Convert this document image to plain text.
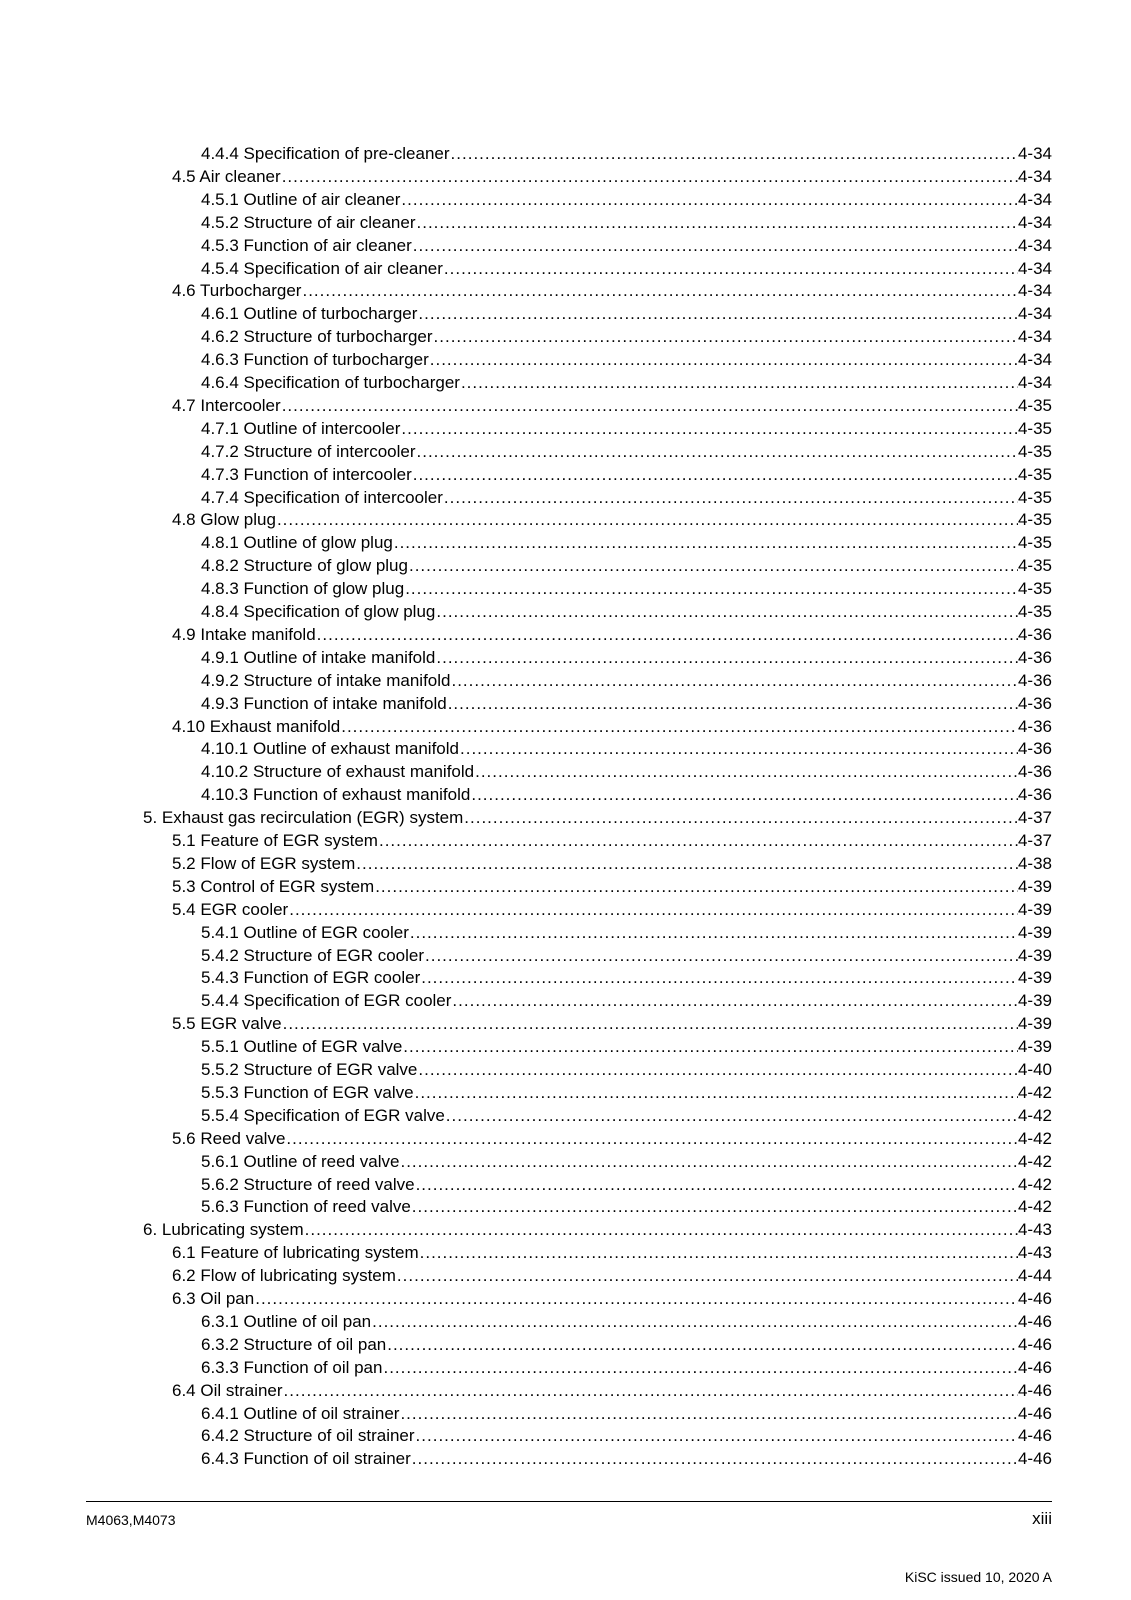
4.4.4 Specification of pre-cleaner .....	4-34
4.5 Air cleaner .....	4-34
4.5.1 Outline of air cleaner .....	4-34
4.5.2 Structure of air cleaner .....	4-34
4.5.3 Function of air cleaner .....	4-34
4.5.4 Specification of air cleaner .....	4-34
4.6 Turbocharger .....	4-34
4.6.1 Outline of turbocharger .....	4-34
4.6.2 Structure of turbocharger .....	4-34
4.6.3 Function of turbocharger .....	4-34
4.6.4 Specification of turbocharger .....	4-34
4.7 Intercooler .....	4-35
4.7.1 Outline of intercooler .....	4-35
4.7.2 Structure of intercooler .....	4-35
4.7.3 Function of intercooler .....	4-35
4.7.4 Specification of intercooler .....	4-35
4.8 Glow plug .....	4-35
4.8.1 Outline of glow plug .....	4-35
4.8.2 Structure of glow plug .....	4-35
4.8.3 Function of glow plug .....	4-35
4.8.4 Specification of glow plug .....	4-35
4.9 Intake manifold .....	4-36
4.9.1 Outline of intake manifold .....	4-36
4.9.2 Structure of intake manifold .....	4-36
4.9.3 Function of intake manifold .....	4-36
4.10 Exhaust manifold .....	4-36
4.10.1 Outline of exhaust manifold .....	4-36
4.10.2 Structure of exhaust manifold .....	4-36
4.10.3 Function of exhaust manifold .....	4-36
5. Exhaust gas recirculation (EGR) system .....	4-37
5.1 Feature of EGR system .....	4-37
5.2 Flow of EGR system .....	4-38
5.3 Control of EGR system .....	4-39
5.4 EGR cooler .....	4-39
5.4.1 Outline of EGR cooler .....	4-39
5.4.2 Structure of EGR cooler .....	4-39
5.4.3 Function of EGR cooler .....	4-39
5.4.4 Specification of EGR cooler .....	4-39
5.5 EGR valve .....	4-39
5.5.1 Outline of EGR valve .....	4-39
5.5.2 Structure of EGR valve .....	4-40
5.5.3 Function of EGR valve .....	4-42
5.5.4 Specification of EGR valve .....	4-42
5.6 Reed valve .....	4-42
5.6.1 Outline of reed valve .....	4-42
5.6.2 Structure of reed valve .....	4-42
5.6.3 Function of reed valve .....	4-42
6. Lubricating system .....	4-43
6.1 Feature of lubricating system .....	4-43
6.2 Flow of lubricating system .....	4-44
6.3 Oil pan .....	4-46
6.3.1 Outline of oil pan .....	4-46
6.3.2 Structure of oil pan .....	4-46
6.3.3 Function of oil pan .....	4-46
6.4 Oil strainer .....	4-46
6.4.1 Outline of oil strainer .....	4-46
6.4.2 Structure of oil strainer .....	4-46
6.4.3 Function of oil strainer .....	4-46
M4063,M4073	xiii
KiSC issued 10, 2020 A
